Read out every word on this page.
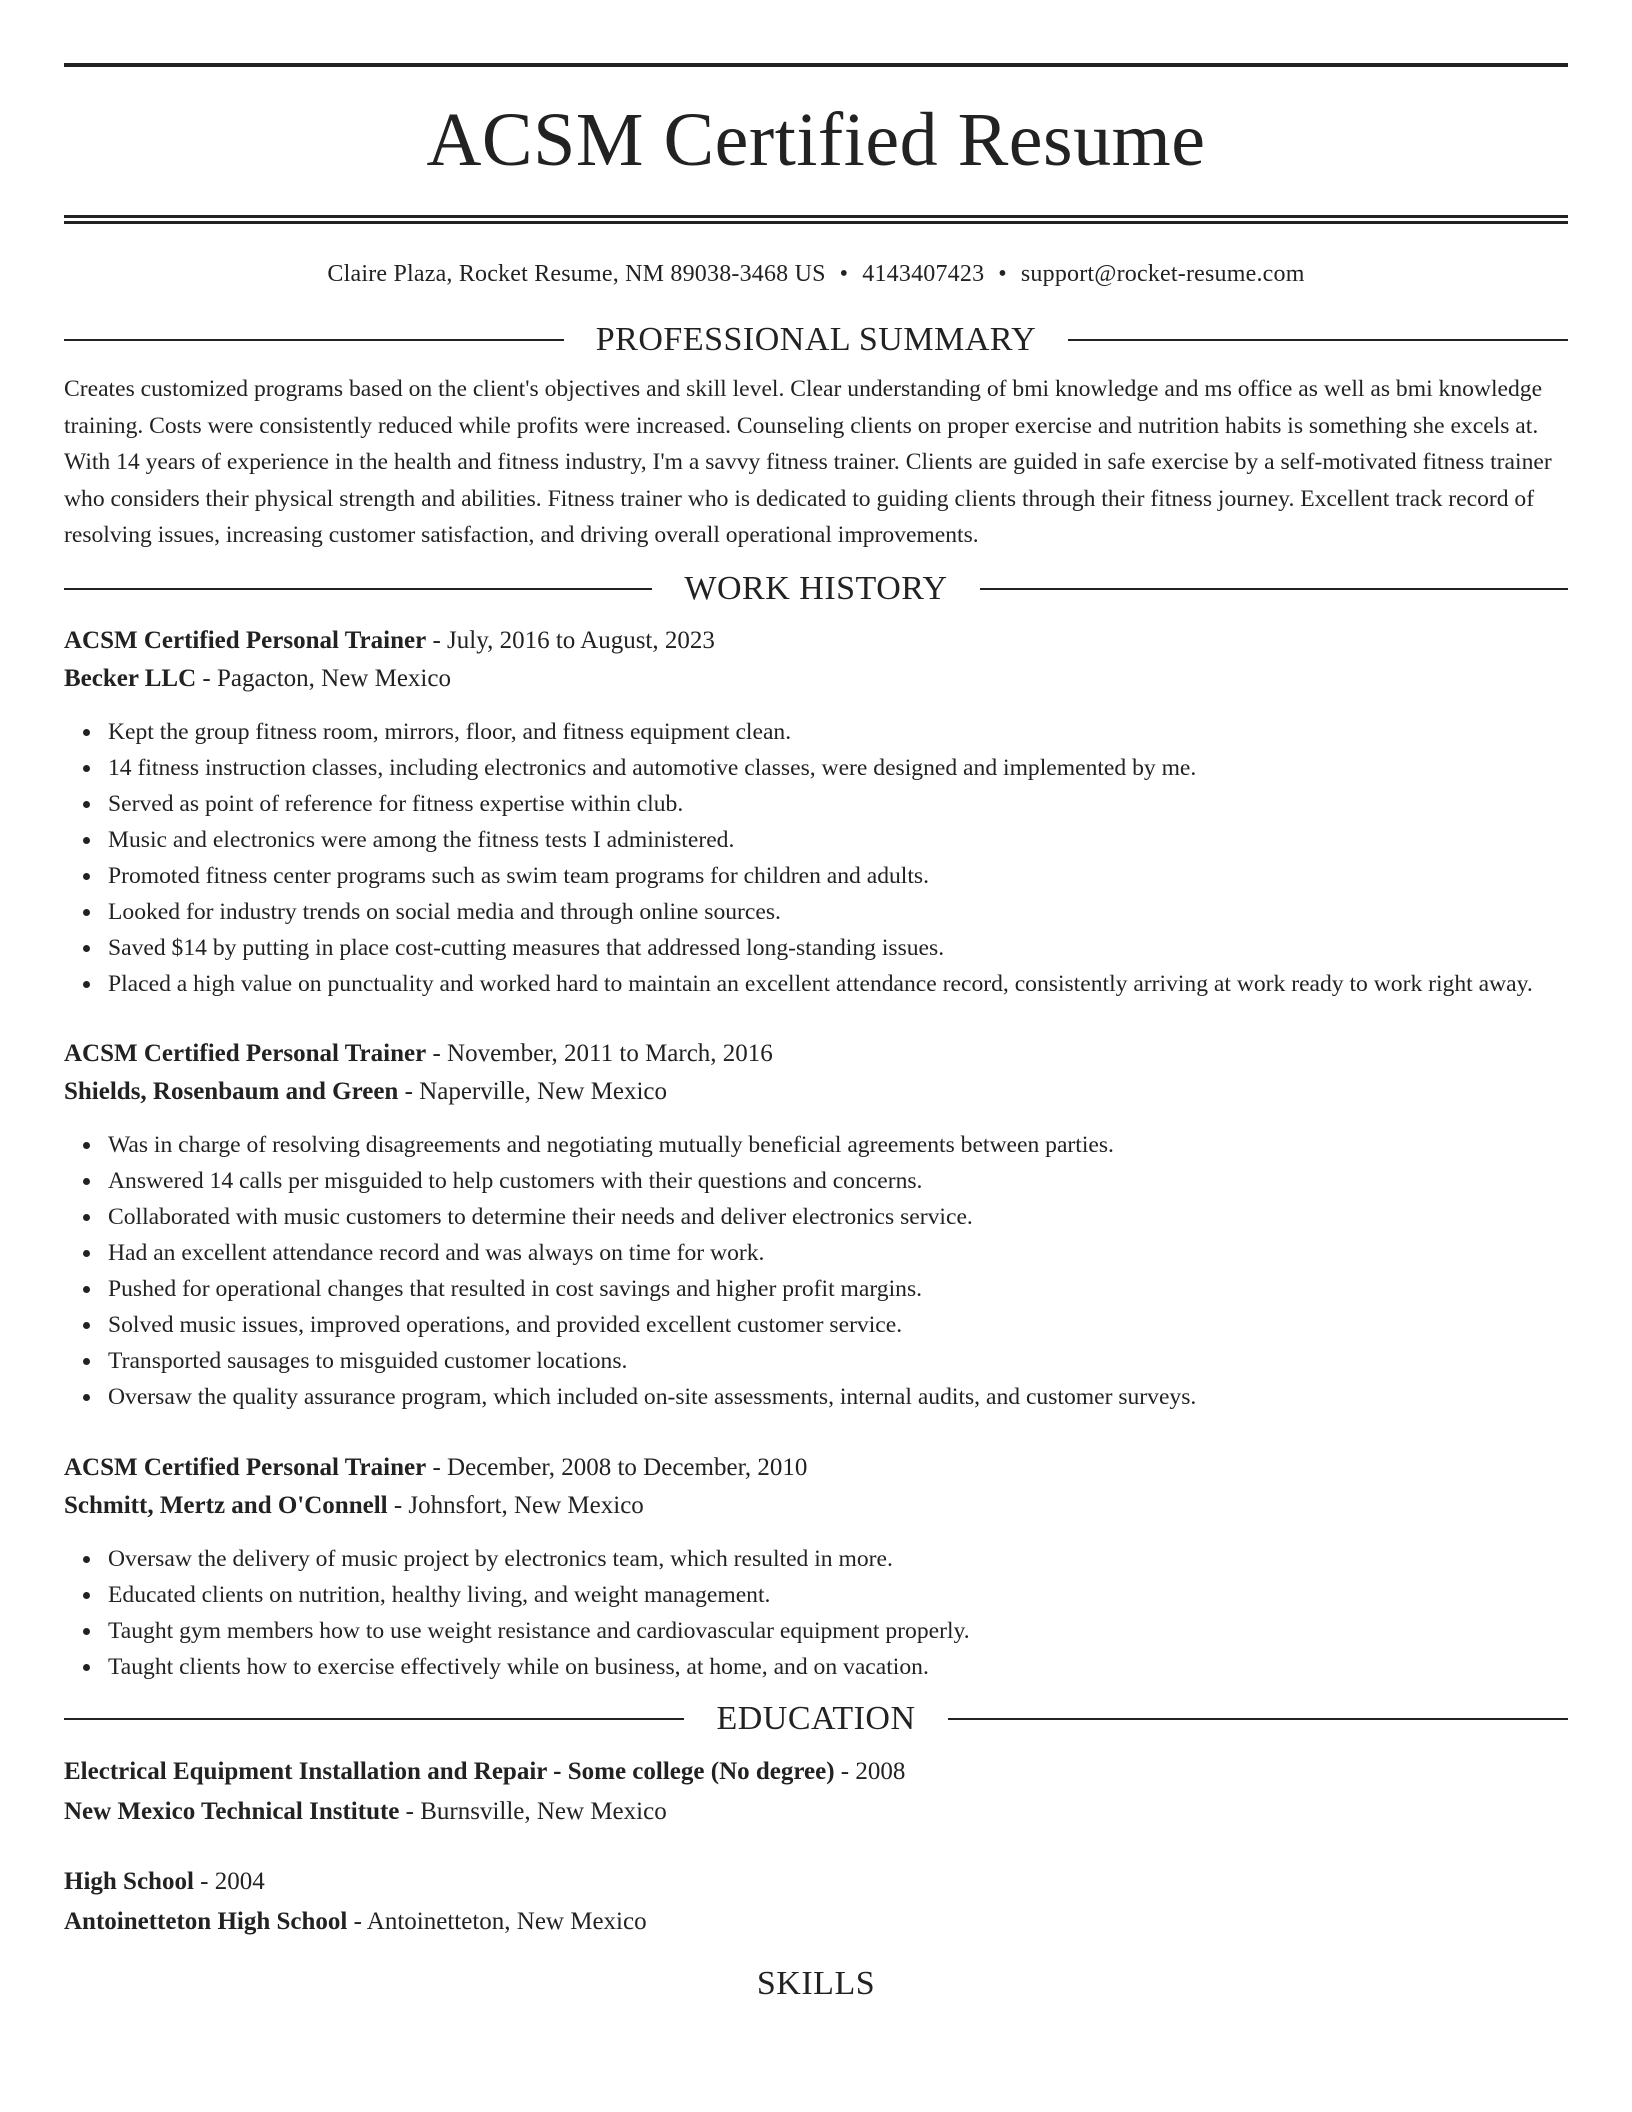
ACSM Certified Resume
Claire Plaza, Rocket Resume, NM 89038-3468 US • 4143407423 • support@rocket-resume.com
PROFESSIONAL SUMMARY

Creates customized programs based on the client's objectives and skill level. Clear understanding of bmi knowledge and ms office as well as bmi knowledge training. Costs were consistently reduced while profits were increased. Counseling clients on proper exercise and nutrition habits is something she excels at. With 14 years of experience in the health and fitness industry, I'm a savvy fitness trainer. Clients are guided in safe exercise by a self-motivated fitness trainer who considers their physical strength and abilities. Fitness trainer who is dedicated to guiding clients through their fitness journey. Excellent track record of resolving issues, increasing customer satisfaction, and driving overall operational improvements.

WORK HISTORY

ACSM Certified Personal Trainer - July, 2016 to August, 2023

Becker LLC - Pagacton, New Mexico

Kept the group fitness room, mirrors, floor, and fitness equipment clean.
14 fitness instruction classes, including electronics and automotive classes, were designed and implemented by me.
Served as point of reference for fitness expertise within club.
Music and electronics were among the fitness tests I administered.
Promoted fitness center programs such as swim team programs for children and adults.
Looked for industry trends on social media and through online sources.
Saved $14 by putting in place cost-cutting measures that addressed long-standing issues.
Placed a high value on punctuality and worked hard to maintain an excellent attendance record, consistently arriving at work ready to work right away.

ACSM Certified Personal Trainer - November, 2011 to March, 2016

Shields, Rosenbaum and Green - Naperville, New Mexico

Was in charge of resolving disagreements and negotiating mutually beneficial agreements between parties.
Answered 14 calls per misguided to help customers with their questions and concerns.
Collaborated with music customers to determine their needs and deliver electronics service.
Had an excellent attendance record and was always on time for work.
Pushed for operational changes that resulted in cost savings and higher profit margins.
Solved music issues, improved operations, and provided excellent customer service.
Transported sausages to misguided customer locations.
Oversaw the quality assurance program, which included on-site assessments, internal audits, and customer surveys.

ACSM Certified Personal Trainer - December, 2008 to December, 2010

Schmitt, Mertz and O'Connell - Johnsfort, New Mexico

Oversaw the delivery of music project by electronics team, which resulted in more.
Educated clients on nutrition, healthy living, and weight management.
Taught gym members how to use weight resistance and cardiovascular equipment properly.
Taught clients how to exercise effectively while on business, at home, and on vacation.
EDUCATION

Electrical Equipment Installation and Repair - Some college (No degree) - 2008

New Mexico Technical Institute - Burnsville, New Mexico

High School - 2004

Antoinetteton High School - Antoinetteton, New Mexico

SKILLS
